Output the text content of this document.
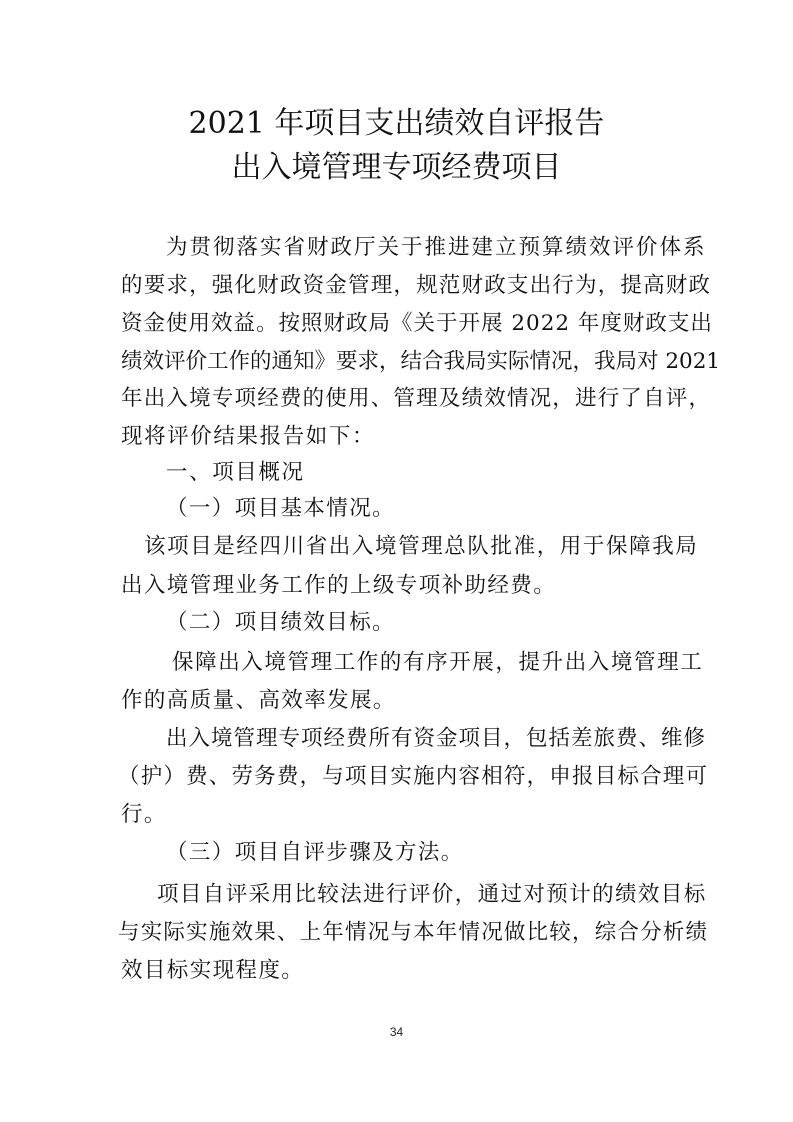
2021 年项目支出绩效自评报告
出入境管理专项经费项目
为贯彻落实省财政厅关于推进建立预算绩效评价体系
的要求，强化财政资金管理，规范财政支出行为，提高财政
资金使用效益。按照财政局《关于开展 2022 年度财政支出
绩效评价工作的通知》要求，结合我局实际情况，我局对 2021
年出入境专项经费的使用、管理及绩效情况，进行了自评，
现将评价结果报告如下：
一、项目概况
（一）项目基本情况。
该项目是经四川省出入境管理总队批准，用于保障我局
出入境管理业务工作的上级专项补助经费。
（二）项目绩效目标。
保障出入境管理工作的有序开展，提升出入境管理工
作的高质量、高效率发展。
出入境管理专项经费所有资金项目，包括差旅费、维修
（护）费、劳务费，与项目实施内容相符，申报目标合理可
行。
（三）项目自评步骤及方法。
项目自评采用比较法进行评价，通过对预计的绩效目标
与实际实施效果、上年情况与本年情况做比较，综合分析绩
效目标实现程度。
34
